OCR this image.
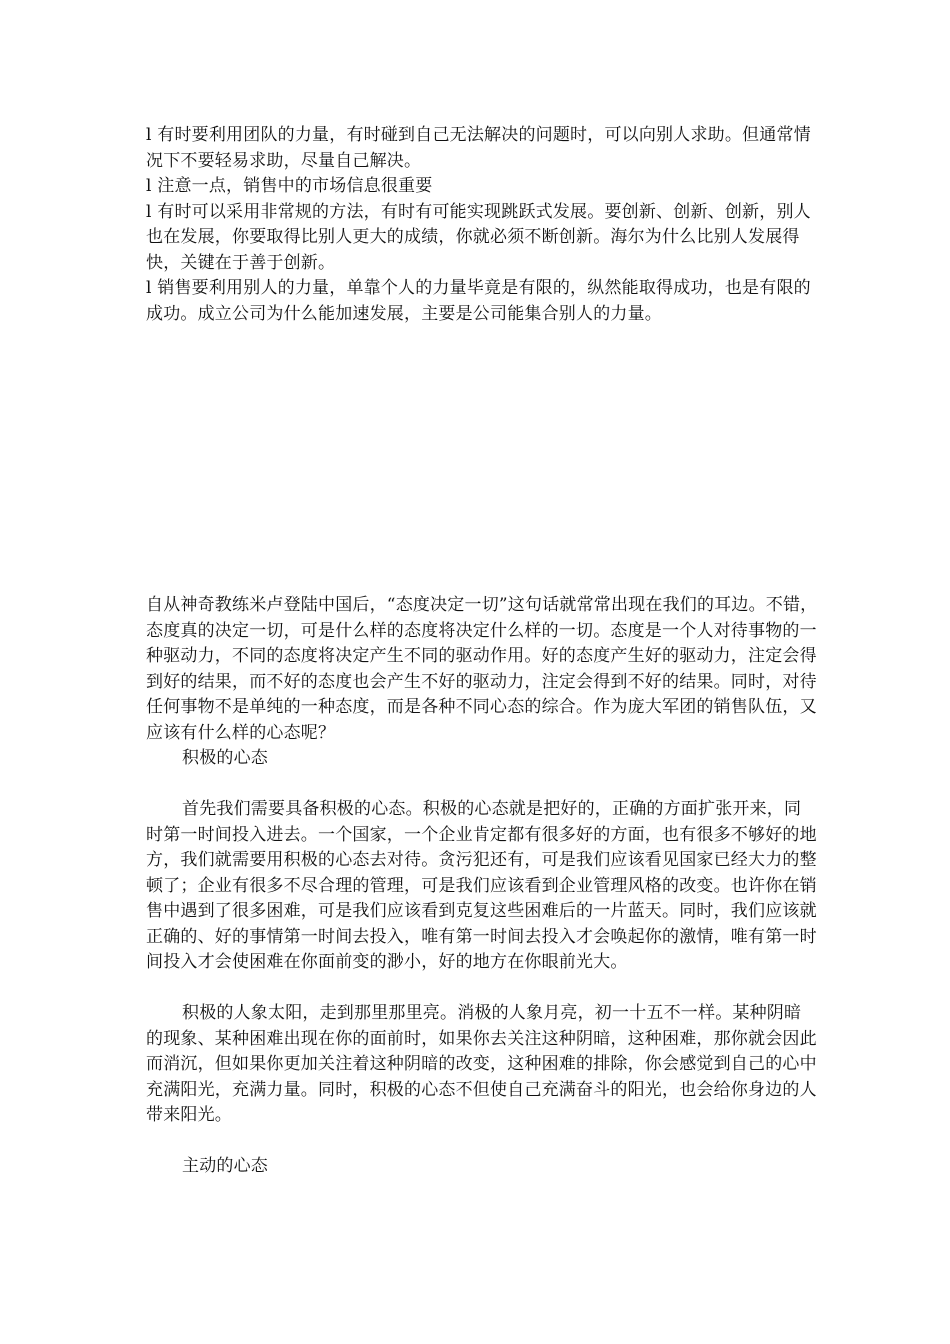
l 有时要利用团队的力量，有时碰到自己无法解决的问题时，可以向别人求助。但通常情况下不要轻易求助，尽量自己解决。

l 注意一点，销售中的市场信息很重要

l 有时可以采用非常规的方法，有时有可能实现跳跃式发展。要创新、创新、创新，别人也在发展，你要取得比别人更大的成绩，你就必须不断创新。海尔为什么比别人发展得快，关键在于善于创新。

l 销售要利用别人的力量，单靠个人的力量毕竟是有限的，纵然能取得成功，也是有限的成功。成立公司为什么能加速发展，主要是公司能集合别人的力量。

自从神奇教练米卢登陆中国后，“态度决定一切”这句话就常常出现在我们的耳边。不错，态度真的决定一切，可是什么样的态度将决定什么样的一切。态度是一个人对待事物的一种驱动力，不同的态度将决定产生不同的驱动作用。好的态度产生好的驱动力，注定会得到好的结果，而不好的态度也会产生不好的驱动力，注定会得到不好的结果。同时，对待任何事物不是单纯的一种态度，而是各种不同心态的综合。作为庞大军团的销售队伍，又应该有什么样的心态呢？

积极的心态

首先我们需要具备积极的心态。积极的心态就是把好的，正确的方面扩张开来，同时第一时间投入进去。一个国家，一个企业肯定都有很多好的方面，也有很多不够好的地方，我们就需要用积极的心态去对待。贪污犯还有，可是我们应该看见国家已经大力的整顿了；企业有很多不尽合理的管理，可是我们应该看到企业管理风格的改变。也许你在销售中遇到了很多困难，可是我们应该看到克复这些困难后的一片蓝天。同时，我们应该就正确的、好的事情第一时间去投入，唯有第一时间去投入才会唤起你的激情，唯有第一时间投入才会使困难在你面前变的渺小，好的地方在你眼前光大。

积极的人象太阳，走到那里那里亮。消极的人象月亮，初一十五不一样。某种阴暗的现象、某种困难出现在你的面前时，如果你去关注这种阴暗，这种困难，那你就会因此而消沉，但如果你更加关注着这种阴暗的改变，这种困难的排除，你会感觉到自己的心中充满阳光，充满力量。同时，积极的心态不但使自己充满奋斗的阳光，也会给你身边的人带来阳光。

主动的心态
